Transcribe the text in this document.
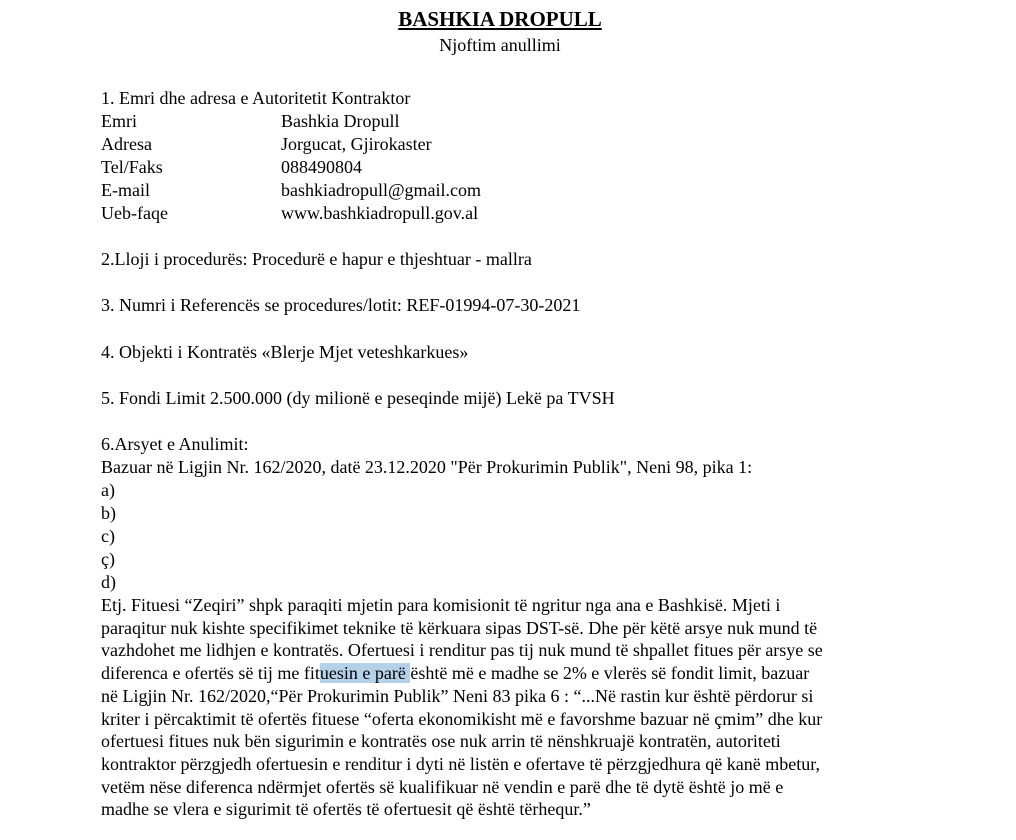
BASHKIA DROPULL
Njoftim anullimi
1. Emri dhe adresa e Autoritetit Kontraktor
Emri	Bashkia Dropull
Adresa	Jorgucat, Gjirokaster
Tel/Faks	088490804
E-mail	bashkiadropull@gmail.com
Ueb-faqe	www.bashkiadropull.gov.al
2.Lloji i procedurës: Procedurë e hapur e thjeshtuar - mallra
3. Numri i Referencës se procedures/lotit: REF-01994-07-30-2021
4. Objekti i Kontratës «Blerje Mjet veteshkarkues»
5. Fondi Limit 2.500.000 (dy milionë e peseqinde mijë) Lekë pa TVSH
6.Arsyet e Anulimit:
Bazuar në Ligjin Nr. 162/2020, datë 23.12.2020 "Për Prokurimin Publik", Neni 98, pika 1:
a)
b)
c)
ç)
d)
Etj. Fituesi “Zeqiri” shpk paraqiti mjetin para komisionit të ngritur nga ana e Bashkisë. Mjeti i
paraqitur nuk kishte specifikimet teknike të kërkuara sipas DST-së. Dhe për këtë arsye nuk mund të
vazhdohet me lidhjen e kontratës. Ofertuesi i renditur pas tij nuk mund të shpallet fitues për arsye se
diferenca e ofertës së tij me fituesin e parë është më e madhe se 2% e vlerës së fondit limit, bazuar
në Ligjin Nr. 162/2020,“Për Prokurimin Publik” Neni 83 pika 6 : “...Në rastin kur është përdorur si
kriter i përcaktimit të ofertës fituese “oferta ekonomikisht më e favorshme bazuar në çmim” dhe kur
ofertuesi fitues nuk bën sigurimin e kontratës ose nuk arrin të nënshkruajë kontratën, autoriteti
kontraktor përzgjedh ofertuesin e renditur i dyti në listën e ofertave të përzgjedhura që kanë mbetur,
vetëm nëse diferenca ndërmjet ofertës së kualifikuar në vendin e parë dhe të dytë është jo më e
madhe se vlera e sigurimit të ofertës të ofertuesit që është tërhequr.”
